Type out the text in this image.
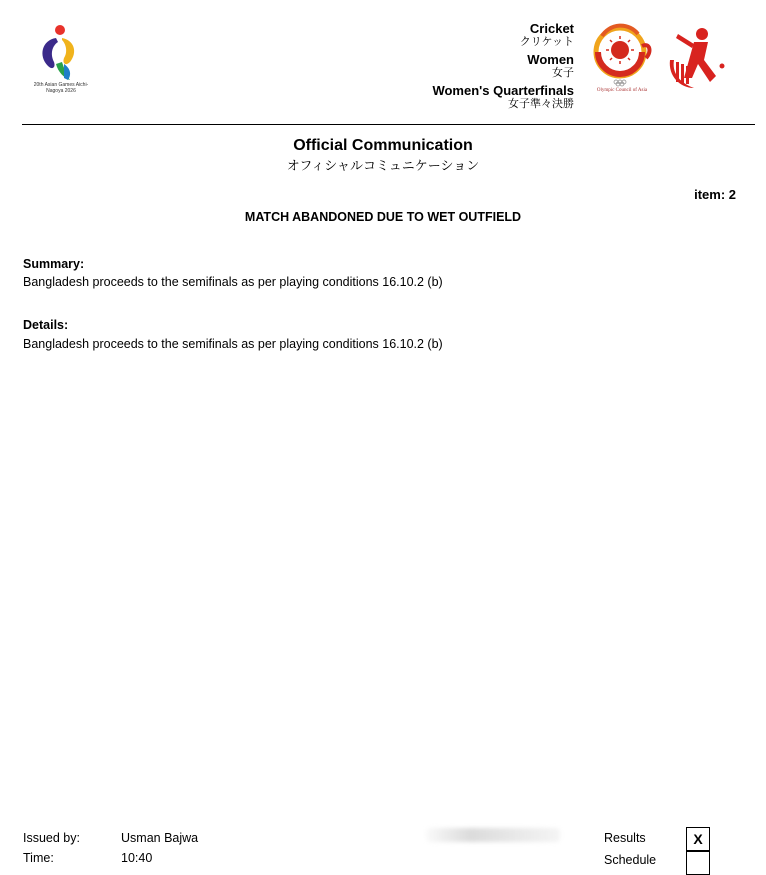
20th Asian Games Aichi-Nagoya 2026
Cricket
クリケット
Women
女子
Women's Quarterfinals
女子準々決勝
Olympic Council of Asia
Official Communication
オフィシャルコミュニケーション
item: 2
MATCH ABANDONED DUE TO WET OUTFIELD
Summary:
Bangladesh proceeds to the semifinals as per playing conditions 16.10.2 (b)
Details:
Bangladesh proceeds to the semifinals as per playing conditions 16.10.2 (b)
Issued by:	Usman Bajwa
Time:	10:40
Results	X
Schedule
